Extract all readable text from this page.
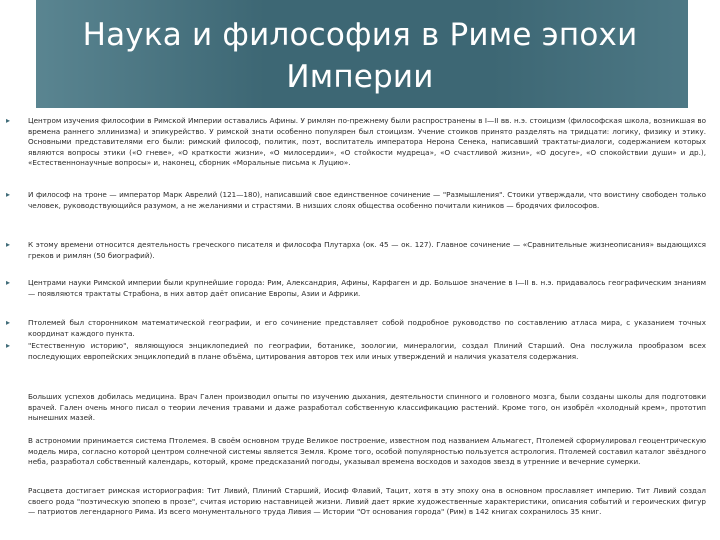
Наука и философия в Риме эпохи Империи
▸ Центром изучения философии в Римской Империи оставались Афины. У римлян по-прежнему были распространены в I—II вв. н.э. стоицизм (философская школа, возникшая во времена раннего эллинизма) и эпикурейство. У римской знати особенно популярен был стоицизм. Учение стоиков принято разделять на тридцати: логику, физику и этику. Основными представителями его были: римский философ, политик, поэт, воспитатель императора Нерона Сенека, написавший трактаты-диалоги, содержанием которых являются вопросы этики («О гневе», «О краткости жизни», «О милосердии», «О стойкости мудреца», «О счастливой жизни», «О досуге», «О спокойствии души» и др.), «Естественнонаучные вопросы» и, наконец, сборник «Моральные письма к Луцию».
▸ И философ на троне — император Марк Аврелий (121—180), написавший свое единственное сочинение — "Размышления". Стоики утверждали, что воистину свободен только человек, руководствующийся разумом, а не желаниями и страстями. В низших слоях общества особенно почитали киников — бродячих философов.
▸ К этому времени относится деятельность греческого писателя и философа Плутарха (ок. 45 — ок. 127). Главное сочинение — «Сравнительные жизнеописания» выдающихся греков и римлян (50 биографий).
▸ Центрами науки Римской империи были крупнейшие города: Рим, Александрия, Афины, Карфаген и др. Большое значение в I—II в. н.э. придавалось географическим знаниям — появляются трактаты Страбона, в них автор даёт описание Европы, Азии и Африки.
▸ Птолемей был сторонником математической географии, и его сочинение представляет собой подробное руководство по составлению атласа мира, с указанием точных координат каждого пункта.
▸ "Естественную историю", являющуюся энциклопедией по географии, ботанике, зоологии, минералогии, создал Плиний Старший. Она послужила прообразом всех последующих европейских энциклопедий в плане объёма, цитирования авторов тех или иных утверждений и наличия указателя содержания.
Больших успехов добилась медицина. Врач Гален производил опыты по изучению дыхания, деятельности спинного и головного мозга, были созданы школы для подготовки врачей. Гален очень много писал о теории лечения травами и даже разработал собственную классификацию растений. Кроме того, он изобрёл «холодный крем», прототип нынешних мазей.
В астрономии принимается система Птолемея. В своём основном труде Великое построение, известном под названием Альмагест, Птолемей сформулировал геоцентрическую модель мира, согласно которой центром солнечной системы является Земля. Кроме того, особой популярностью пользуется астрология. Птолемей составил каталог звёздного неба, разработал собственный календарь, который, кроме предсказаний погоды, указывал времена восходов и заходов звезд в утренние и вечерние сумерки.
Расцвета достигает римская историография: Тит Ливий, Плиний Старший, Иосиф Флавий, Тацит, хотя в эту эпоху она в основном прославляет империю. Тит Ливий создал своего рода "поэтическую эпопею в прозе", считая историю наставницей жизни. Ливий дает яркие художественные характеристики, описания событий и героических фигур — патриотов легендарного Рима. Из всего монументального труда Ливия — Истории "От основания города" (Рим) в 142 книгах сохранилось 35 книг.
